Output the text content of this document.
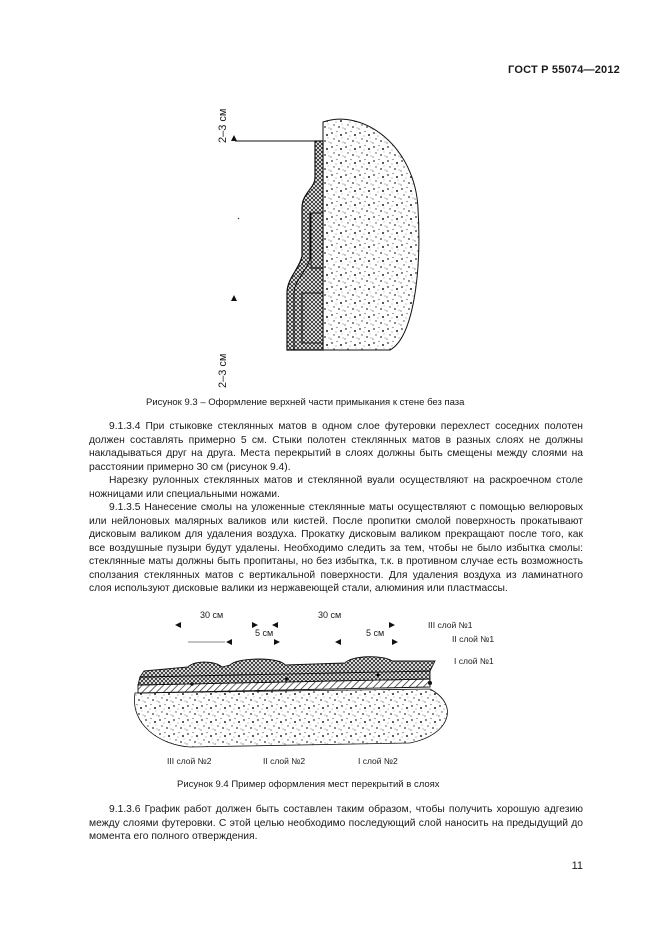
ГОСТ Р 55074—2012
2–3 см
2–3 см
Рисунок 9.3 – Оформление верхней части примыкания к стене без паза

9.1.3.4 При стыковке стеклянных матов в одном слое футеровки перехлест соседних полотен должен составлять примерно 5 см. Стыки полотен стеклянных матов в разных слоях не должны накладываться друг на друга. Места перекрытий в слоях должны быть смещены между слоями на расстоянии примерно 30 см (рисунок 9.4).

Нарезку рулонных стеклянных матов и стеклянной вуали осуществляют на раскроечном столе ножницами или специальными ножами.

9.1.3.5 Нанесение смолы на уложенные стеклянные маты осуществляют с помощью велюровых или нейлоновых малярных валиков или кистей. После пропитки смолой поверхность прокатывают дисковым валиком для удаления воздуха. Прокатку дисковым валиком прекращают после того, как все воздушные пузыри будут удалены. Необходимо следить за тем, чтобы не было избытка смолы: стеклянные маты должны быть пропитаны, но без избытка, т.к. в противном случае есть возможность сползания стеклянных матов с вертикальной поверхности. Для удаления воздуха из ламинатного слоя используют дисковые валики из нержавеющей стали, алюминия или пластмассы.

30 см	30 см
5 см	5 см
III слой №1
II слой №1
I слой №1
III слой №2	II слой №2	I слой №2
Рисунок 9.4 Пример оформления мест перекрытий в слоях

9.1.3.6 График работ должен быть составлен таким образом, чтобы получить хорошую адгезию между слоями футеровки. С этой целью необходимо последующий слой наносить на предыдущий до момента его полного отверждения.

11
